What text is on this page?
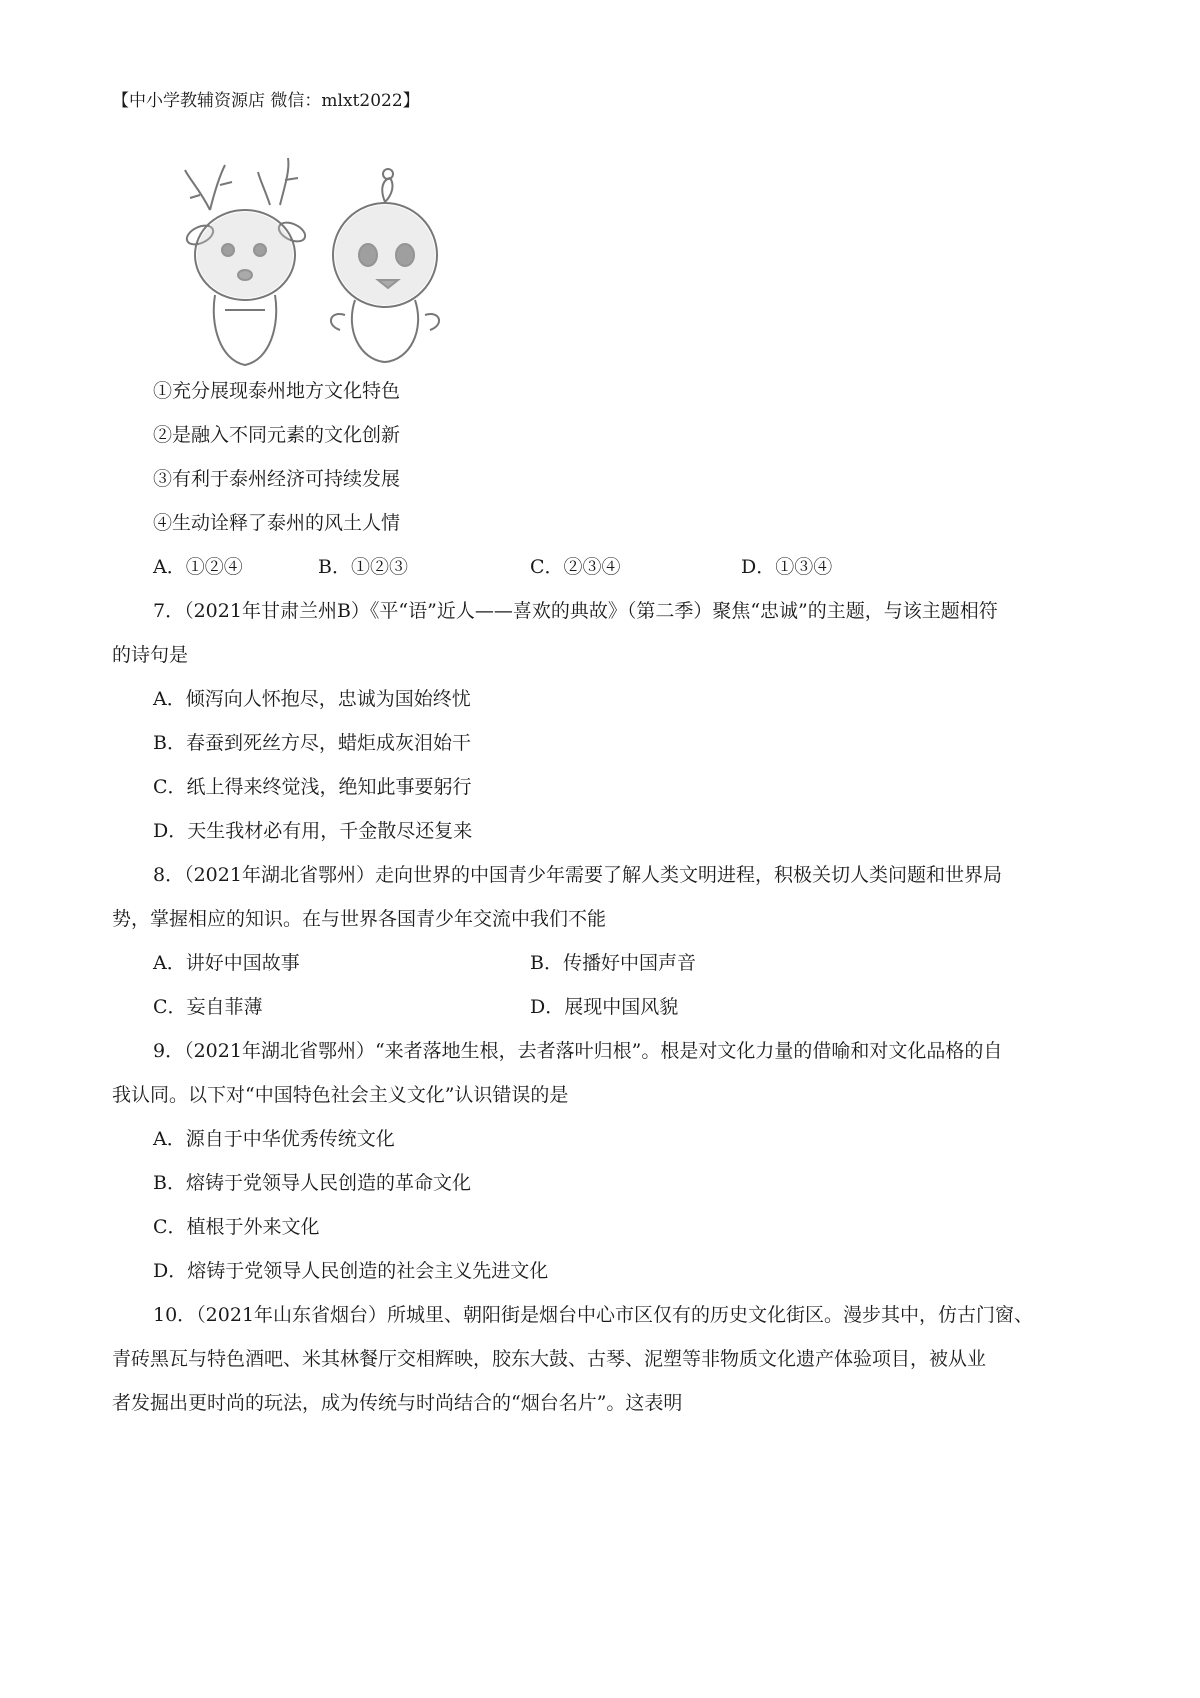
【中小学教辅资源店 微信：mlxt2022】
①充分展现泰州地方文化特色
②是融入不同元素的文化创新
③有利于泰州经济可持续发展
④生动诠释了泰州的风土人情
A．①②④	B．①②③	C．②③④	D．①③④
7．（2021年甘肃兰州B）《平“语”近人——喜欢的典故》（第二季）聚焦“忠诚”的主题，与该主题相符
的诗句是
A．倾泻向人怀抱尽，忠诚为国始终忧
B．春蚕到死丝方尽，蜡炬成灰泪始干
C．纸上得来终觉浅，绝知此事要躬行
D．天生我材必有用，千金散尽还复来
8．（2021年湖北省鄂州）走向世界的中国青少年需要了解人类文明进程，积极关切人类问题和世界局
势，掌握相应的知识。在与世界各国青少年交流中我们不能
A．讲好中国故事	B．传播好中国声音
C．妄自菲薄	D．展现中国风貌
9．（2021年湖北省鄂州）“来者落地生根，去者落叶归根”。根是对文化力量的借喻和对文化品格的自
我认同。以下对“中国特色社会主义文化”认识错误的是
A．源自于中华优秀传统文化
B．熔铸于党领导人民创造的革命文化
C．植根于外来文化
D．熔铸于党领导人民创造的社会主义先进文化
10．（2021年山东省烟台）所城里、朝阳街是烟台中心市区仅有的历史文化街区。漫步其中，仿古门窗、
青砖黑瓦与特色酒吧、米其林餐厅交相辉映，胶东大鼓、古琴、泥塑等非物质文化遗产体验项目，被从业
者发掘出更时尚的玩法，成为传统与时尚结合的“烟台名片”。这表明
